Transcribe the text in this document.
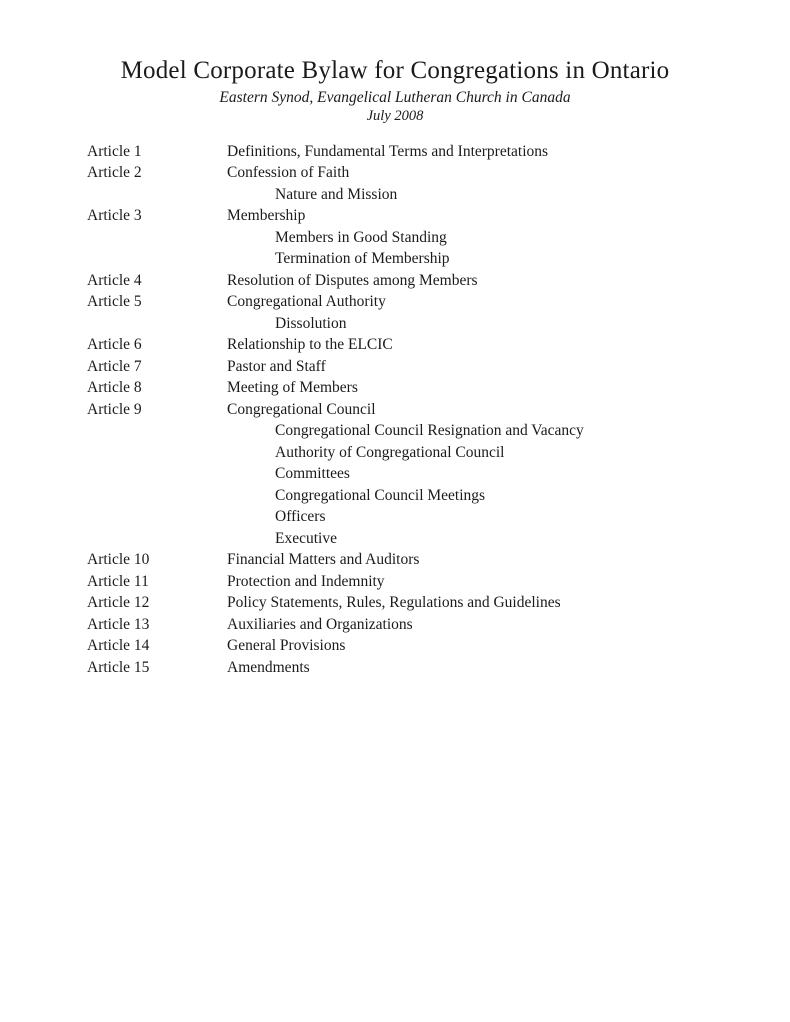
Model Corporate Bylaw for Congregations in Ontario
Eastern Synod, Evangelical Lutheran Church in Canada
July 2008
Article 1	Definitions, Fundamental Terms and Interpretations
Article 2	Confession of Faith
Nature and Mission
Article 3	Membership
Members in Good Standing
Termination of Membership
Article 4	Resolution of Disputes among Members
Article 5	Congregational Authority
Dissolution
Article 6	Relationship to the ELCIC
Article 7	Pastor and Staff
Article 8	Meeting of Members
Article 9	Congregational Council
Congregational Council Resignation and Vacancy
Authority of Congregational Council
Committees
Congregational Council Meetings
Officers
Executive
Article 10	Financial Matters and Auditors
Article 11	Protection and Indemnity
Article 12	Policy Statements, Rules, Regulations and Guidelines
Article 13	Auxiliaries and Organizations
Article 14	General Provisions
Article 15	Amendments
